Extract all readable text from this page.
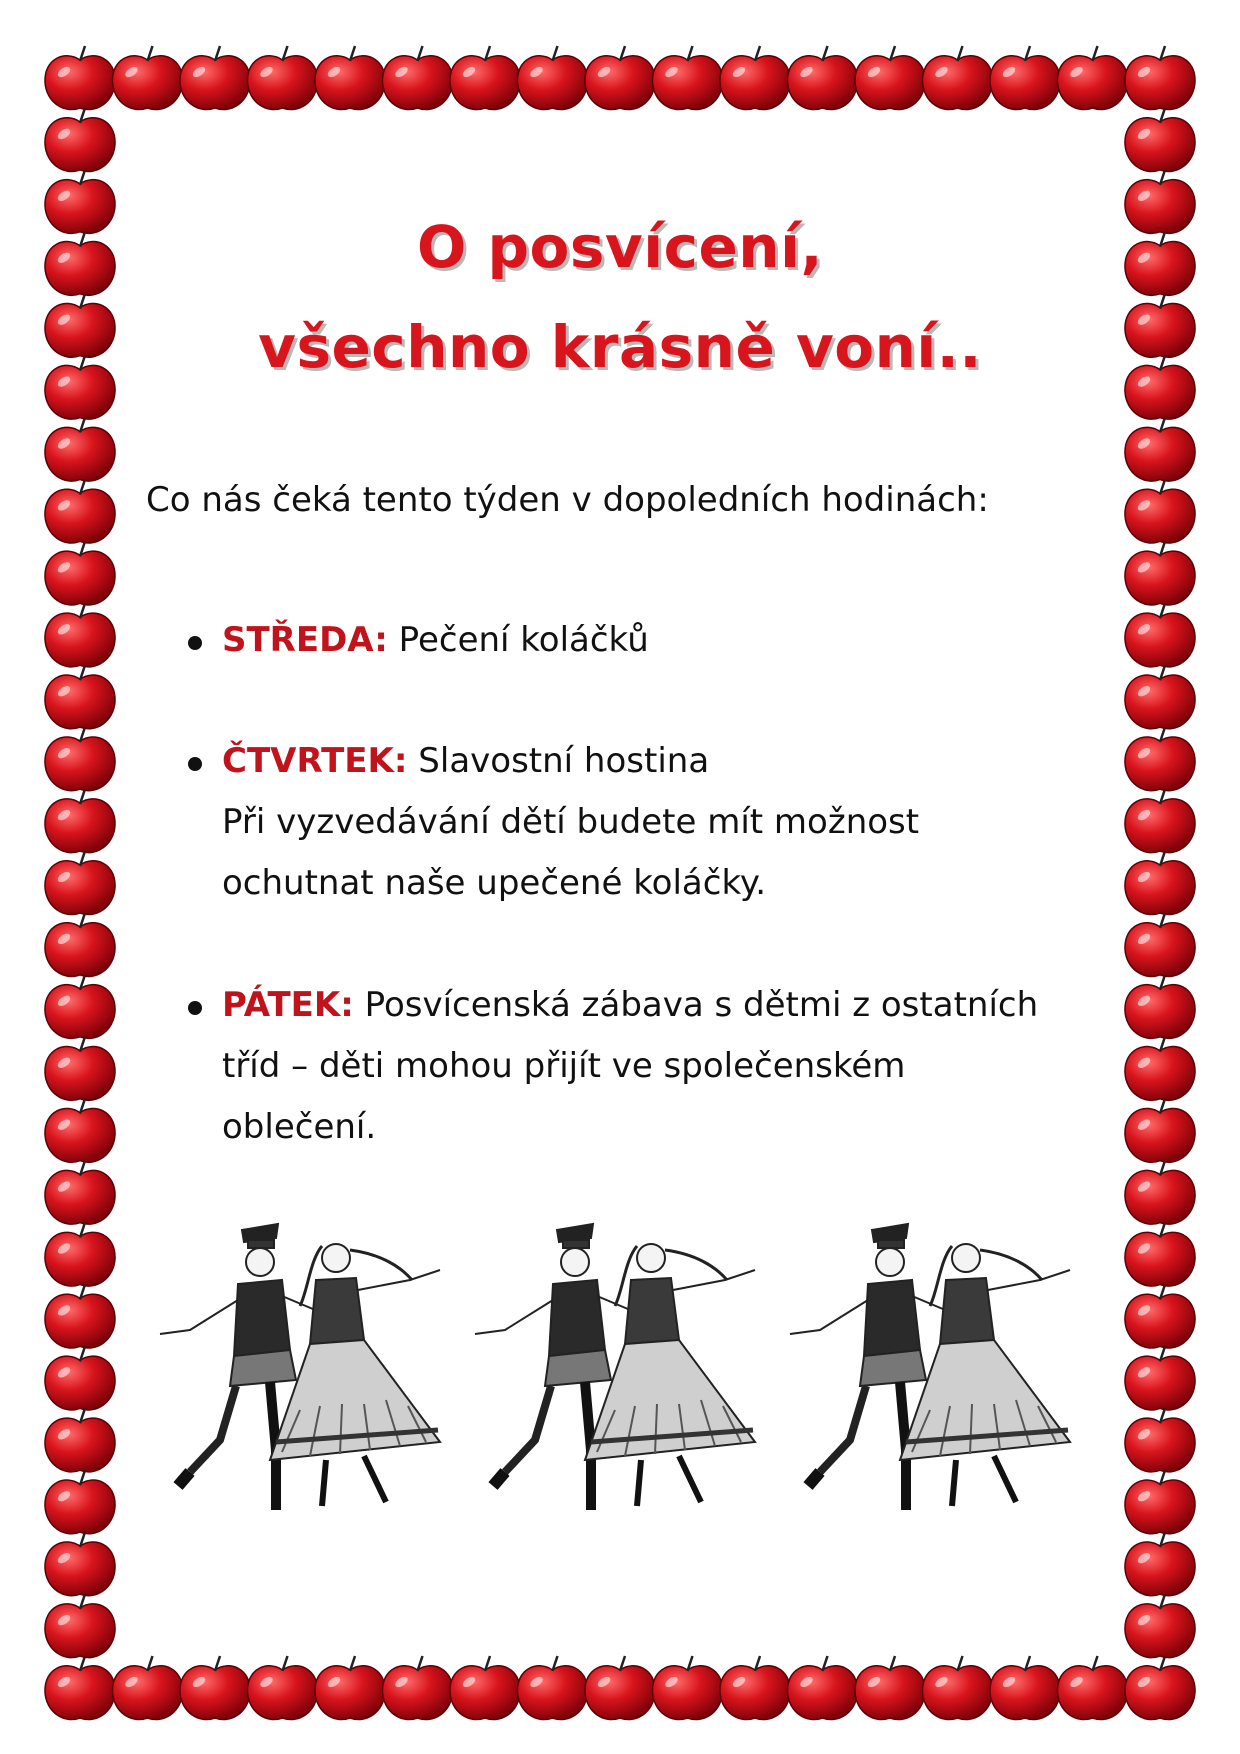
O posvícení,
všechno krásně voní..
Co nás čeká tento týden v dopoledních hodinách:
STŘEDA: Pečení koláčků
ČTVRTEK: Slavostní hostina
Při vyzvedávání dětí budete mít možnost
ochutnat naše upečené koláčky.
PÁTEK: Posvícenská zábava s dětmi z ostatních
tříd – děti mohou přijít ve společenském
oblečení.
